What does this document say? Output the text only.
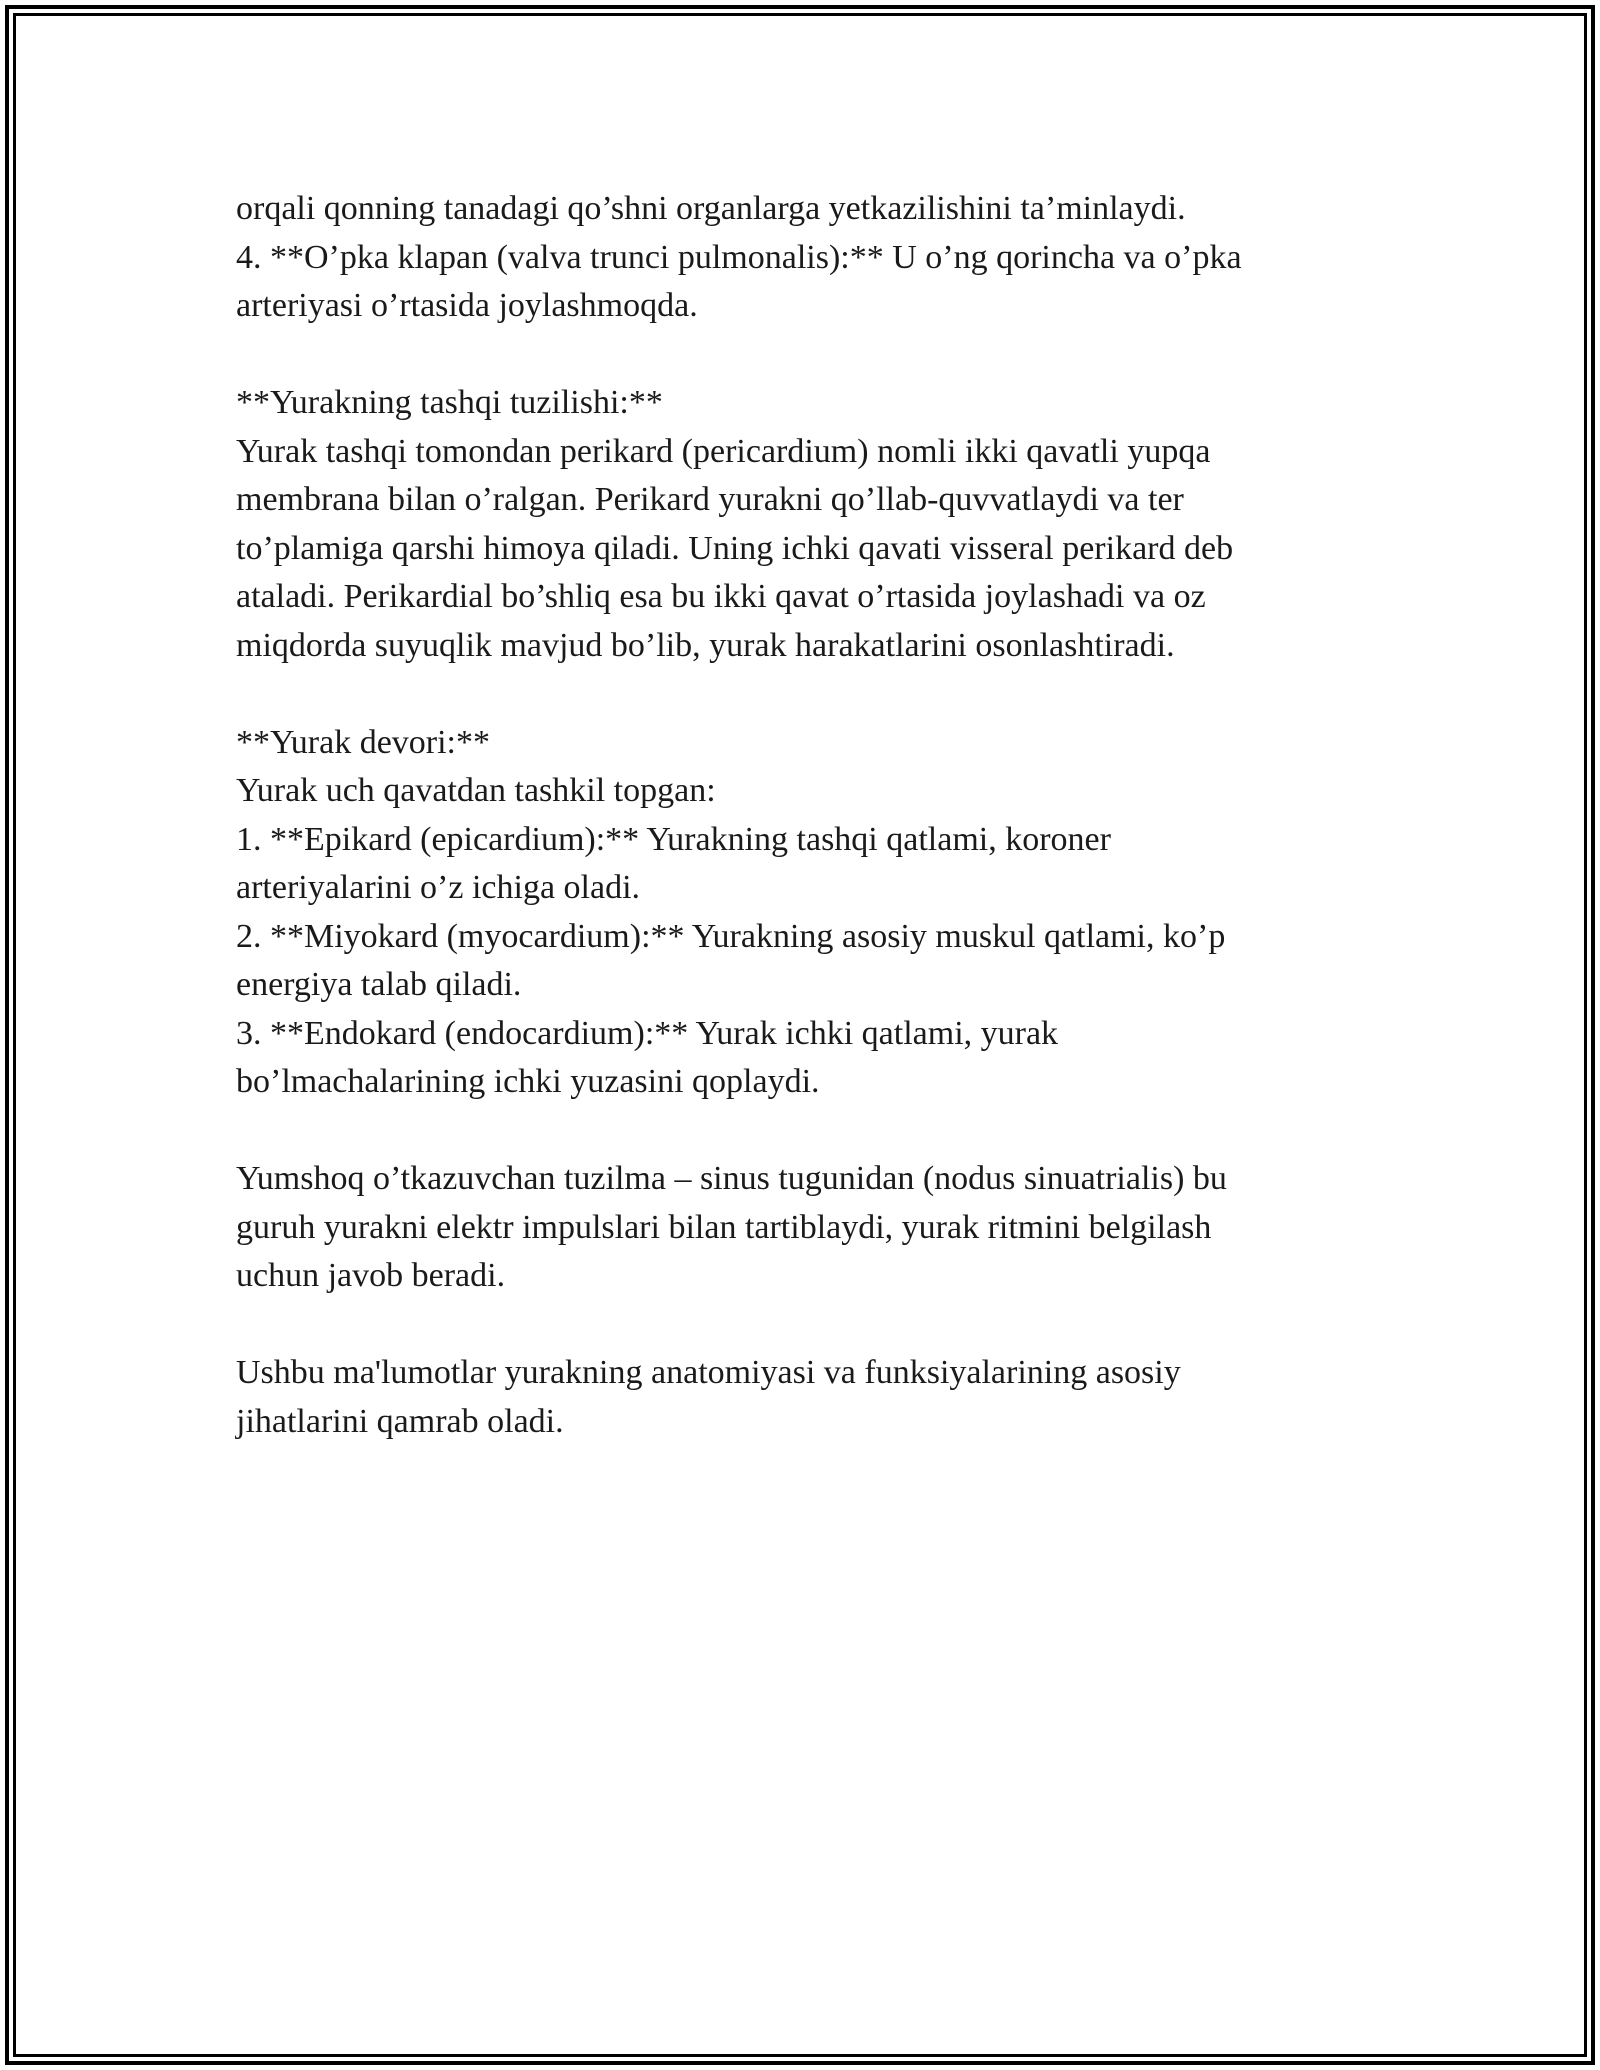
orqali qonning tanadagi qo’shni organlarga yetkazilishini ta’minlaydi.
4. **O’pka klapan (valva trunci pulmonalis):** U o’ng qorincha va o’pka
arteriyasi o’rtasida joylashmoqda.
**Yurakning tashqi tuzilishi:**
Yurak tashqi tomondan perikard (pericardium) nomli ikki qavatli yupqa
membrana bilan o’ralgan. Perikard yurakni qo’llab-quvvatlaydi va ter
to’plamiga qarshi himoya qiladi. Uning ichki qavati visseral perikard deb
ataladi. Perikardial bo’shliq esa bu ikki qavat o’rtasida joylashadi va oz
miqdorda suyuqlik mavjud bo’lib, yurak harakatlarini osonlashtiradi.
**Yurak devori:**
Yurak uch qavatdan tashkil topgan:
1. **Epikard (epicardium):** Yurakning tashqi qatlami, koroner
arteriyalarini o’z ichiga oladi.
2. **Miyokard (myocardium):** Yurakning asosiy muskul qatlami, ko’p
energiya talab qiladi.
3. **Endokard (endocardium):** Yurak ichki qatlami, yurak
bo’lmachalarining ichki yuzasini qoplaydi.
Yumshoq o’tkazuvchan tuzilma – sinus tugunidan (nodus sinuatrialis) bu
guruh yurakni elektr impulslari bilan tartiblaydi, yurak ritmini belgilash
uchun javob beradi.
Ushbu ma'lumotlar yurakning anatomiyasi va funksiyalarining asosiy
jihatlarini qamrab oladi.
